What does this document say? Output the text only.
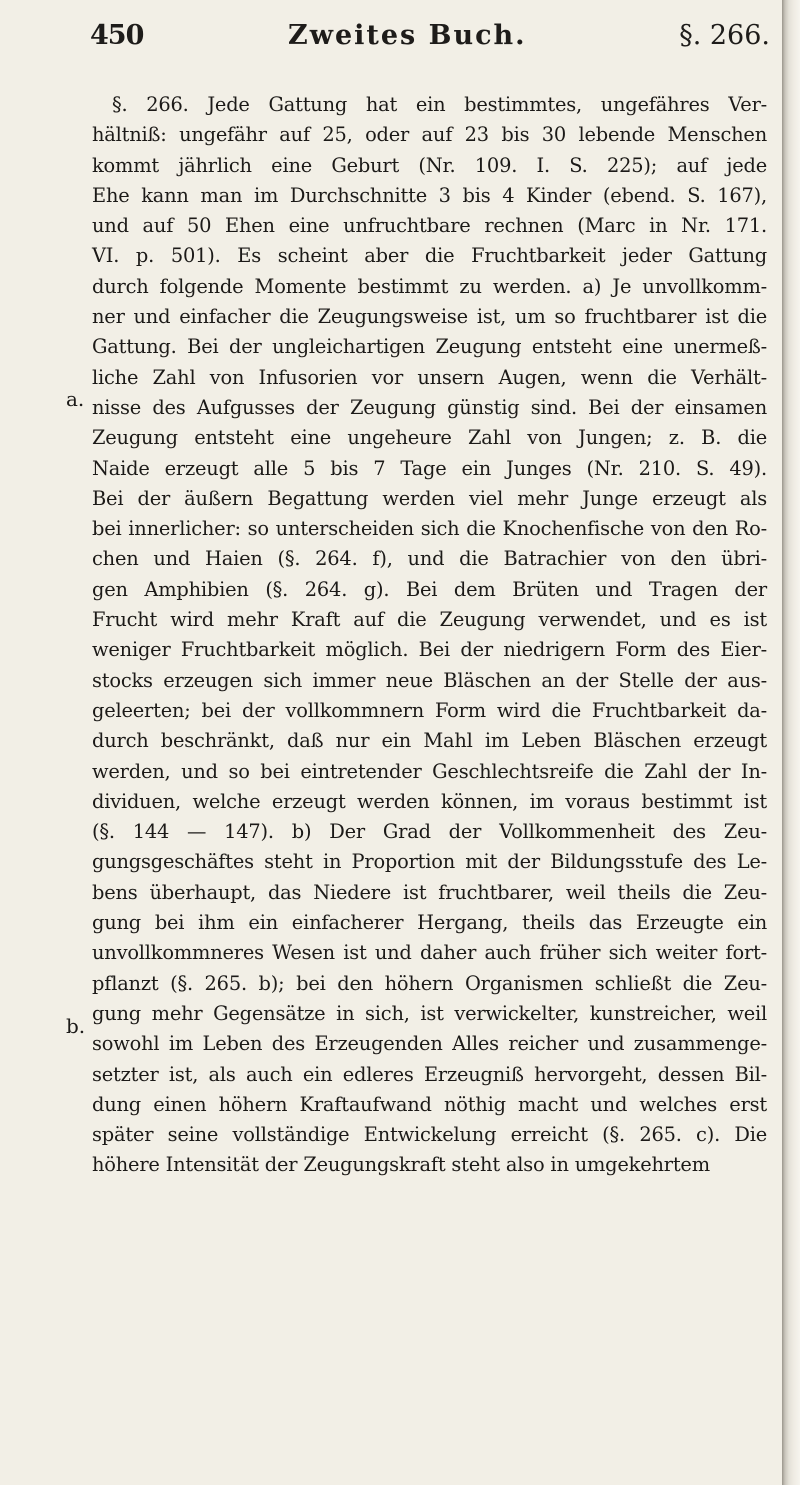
450	Zweites Buch.	§. 266.
a.
b.
§. 266. Jede Gattung hat ein bestimmtes, ungefähres Ver-
hältniß: ungefähr auf 25, oder auf 23 bis 30 lebende Menschen
kommt jährlich eine Geburt (Nr. 109. I. S. 225); auf jede
Ehe kann man im Durchschnitte 3 bis 4 Kinder (ebend. S. 167),
und auf 50 Ehen eine unfruchtbare rechnen (Marc in Nr. 171.
VI. p. 501). Es scheint aber die Fruchtbarkeit jeder Gattung
durch folgende Momente bestimmt zu werden. a) Je unvollkomm-
ner und einfacher die Zeugungsweise ist, um so fruchtbarer ist die
Gattung. Bei der ungleichartigen Zeugung entsteht eine unermeß-
liche Zahl von Infusorien vor unsern Augen, wenn die Verhält-
nisse des Aufgusses der Zeugung günstig sind. Bei der einsamen
Zeugung entsteht eine ungeheure Zahl von Jungen; z. B. die
Naide erzeugt alle 5 bis 7 Tage ein Junges (Nr. 210. S. 49).
Bei der äußern Begattung werden viel mehr Junge erzeugt als
bei innerlicher: so unterscheiden sich die Knochenfische von den Ro-
chen und Haien (§. 264. f), und die Batrachier von den übri-
gen Amphibien (§. 264. g). Bei dem Brüten und Tragen der
Frucht wird mehr Kraft auf die Zeugung verwendet, und es ist
weniger Fruchtbarkeit möglich. Bei der niedrigern Form des Eier-
stocks erzeugen sich immer neue Bläschen an der Stelle der aus-
geleerten; bei der vollkommnern Form wird die Fruchtbarkeit da-
durch beschränkt, daß nur ein Mahl im Leben Bläschen erzeugt
werden, und so bei eintretender Geschlechtsreife die Zahl der In-
dividuen, welche erzeugt werden können, im voraus bestimmt ist
(§. 144 — 147). b) Der Grad der Vollkommenheit des Zeu-
gungsgeschäftes steht in Proportion mit der Bildungsstufe des Le-
bens überhaupt, das Niedere ist fruchtbarer, weil theils die Zeu-
gung bei ihm ein einfacherer Hergang, theils das Erzeugte ein
unvollkommneres Wesen ist und daher auch früher sich weiter fort-
pflanzt (§. 265. b); bei den höhern Organismen schließt die Zeu-
gung mehr Gegensätze in sich, ist verwickelter, kunstreicher, weil
sowohl im Leben des Erzeugenden Alles reicher und zusammenge-
setzter ist, als auch ein edleres Erzeugniß hervorgeht, dessen Bil-
dung einen höhern Kraftaufwand nöthig macht und welches erst
später seine vollständige Entwickelung erreicht (§. 265. c). Die
höhere Intensität der Zeugungskraft steht also in umgekehrtem
